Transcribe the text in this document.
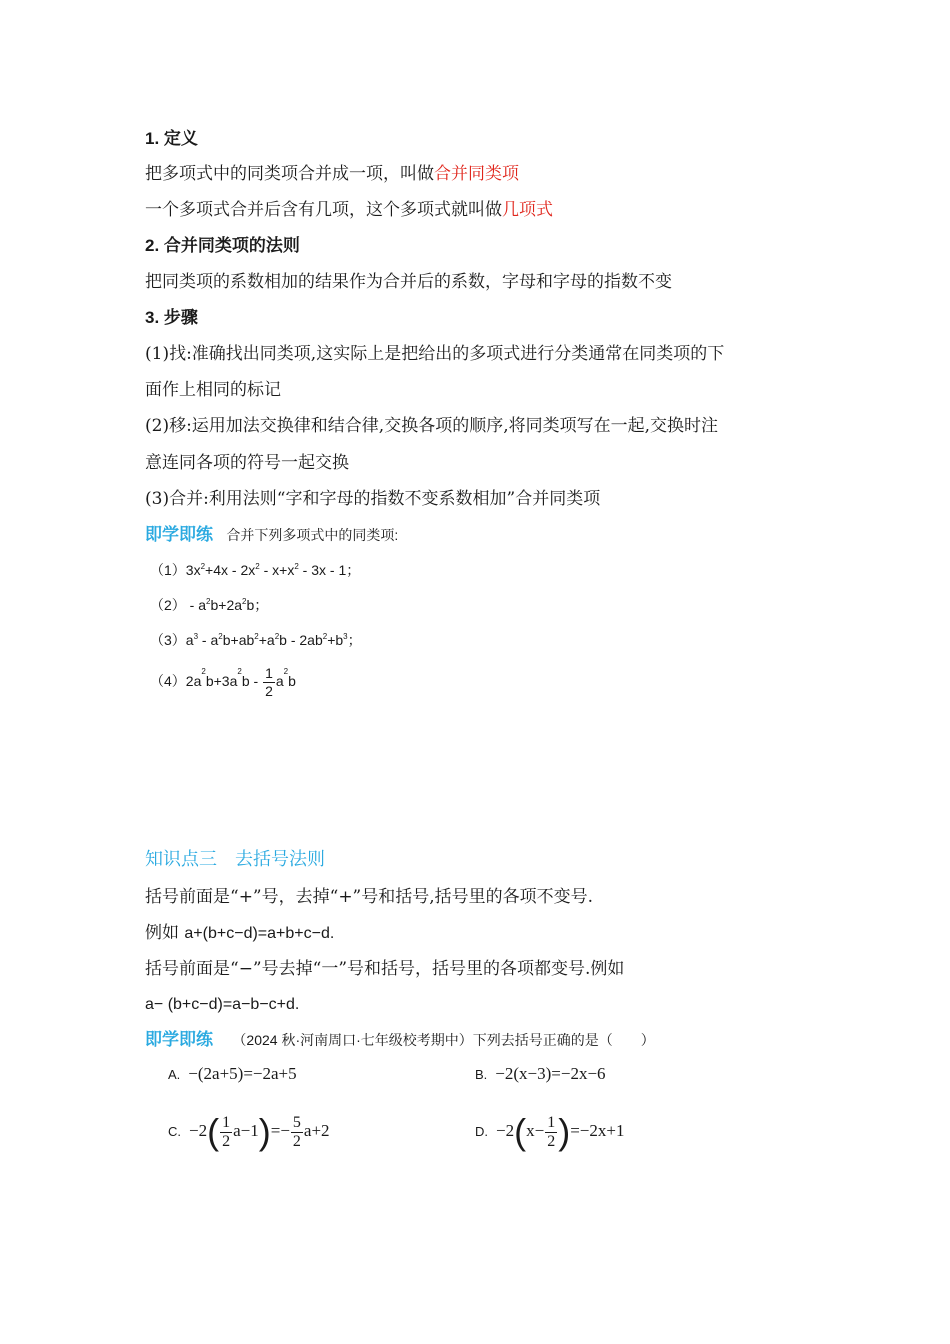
1. 定义
把多项式中的同类项合并成一项，叫做合并同类项
一个多项式合并后含有几项，这个多项式就叫做几项式
2. 合并同类项的法则
把同类项的系数相加的结果作为合并后的系数，字母和字母的指数不变
3. 步骤
(1)找:准确找出同类项,这实际上是把给出的多项式进行分类通常在同类项的下
面作上相同的标记
(2)移:运用加法交换律和结合律,交换各项的顺序,将同类项写在一起,交换时注
意连同各项的符号一起交换
(3)合并:利用法则“字和字母的指数不变系数相加”合并同类项
即学即练 合并下列多项式中的同类项:
$(1)3x^2+4x - 2x^2 - x+x^2 - 3x - 1$；
$(2) - a^2b+2a^2b$；
$(3)a^3 - a^2b+ab^2+a^2b - 2ab^2+b^3$；
$(4)2a^2b+3a^2b - \frac{1}{2} a^2b$
知识点三　去括号法则
括号前面是“+”号，去掉“+”号和括号,括号里的各项不变号.
例如 a+(b+c−d)=a+b+c−d.
括号前面是“−”号去掉“一”号和括号，括号里的各项都变号.例如
a− (b+c−d)=a−b−c+d.
即学即练 （2024 秋·河南周口·七年级校考期中）下列去括号正确的是（　　）
A. −(2a+5)=−2a+5	B. −2(x−3)=−2x−6
C. $-2( \frac{1}{2} a-1)=- \frac{5}{2} a+2$	D. $-2(x- \frac{1}{2} )=-2x+1$
